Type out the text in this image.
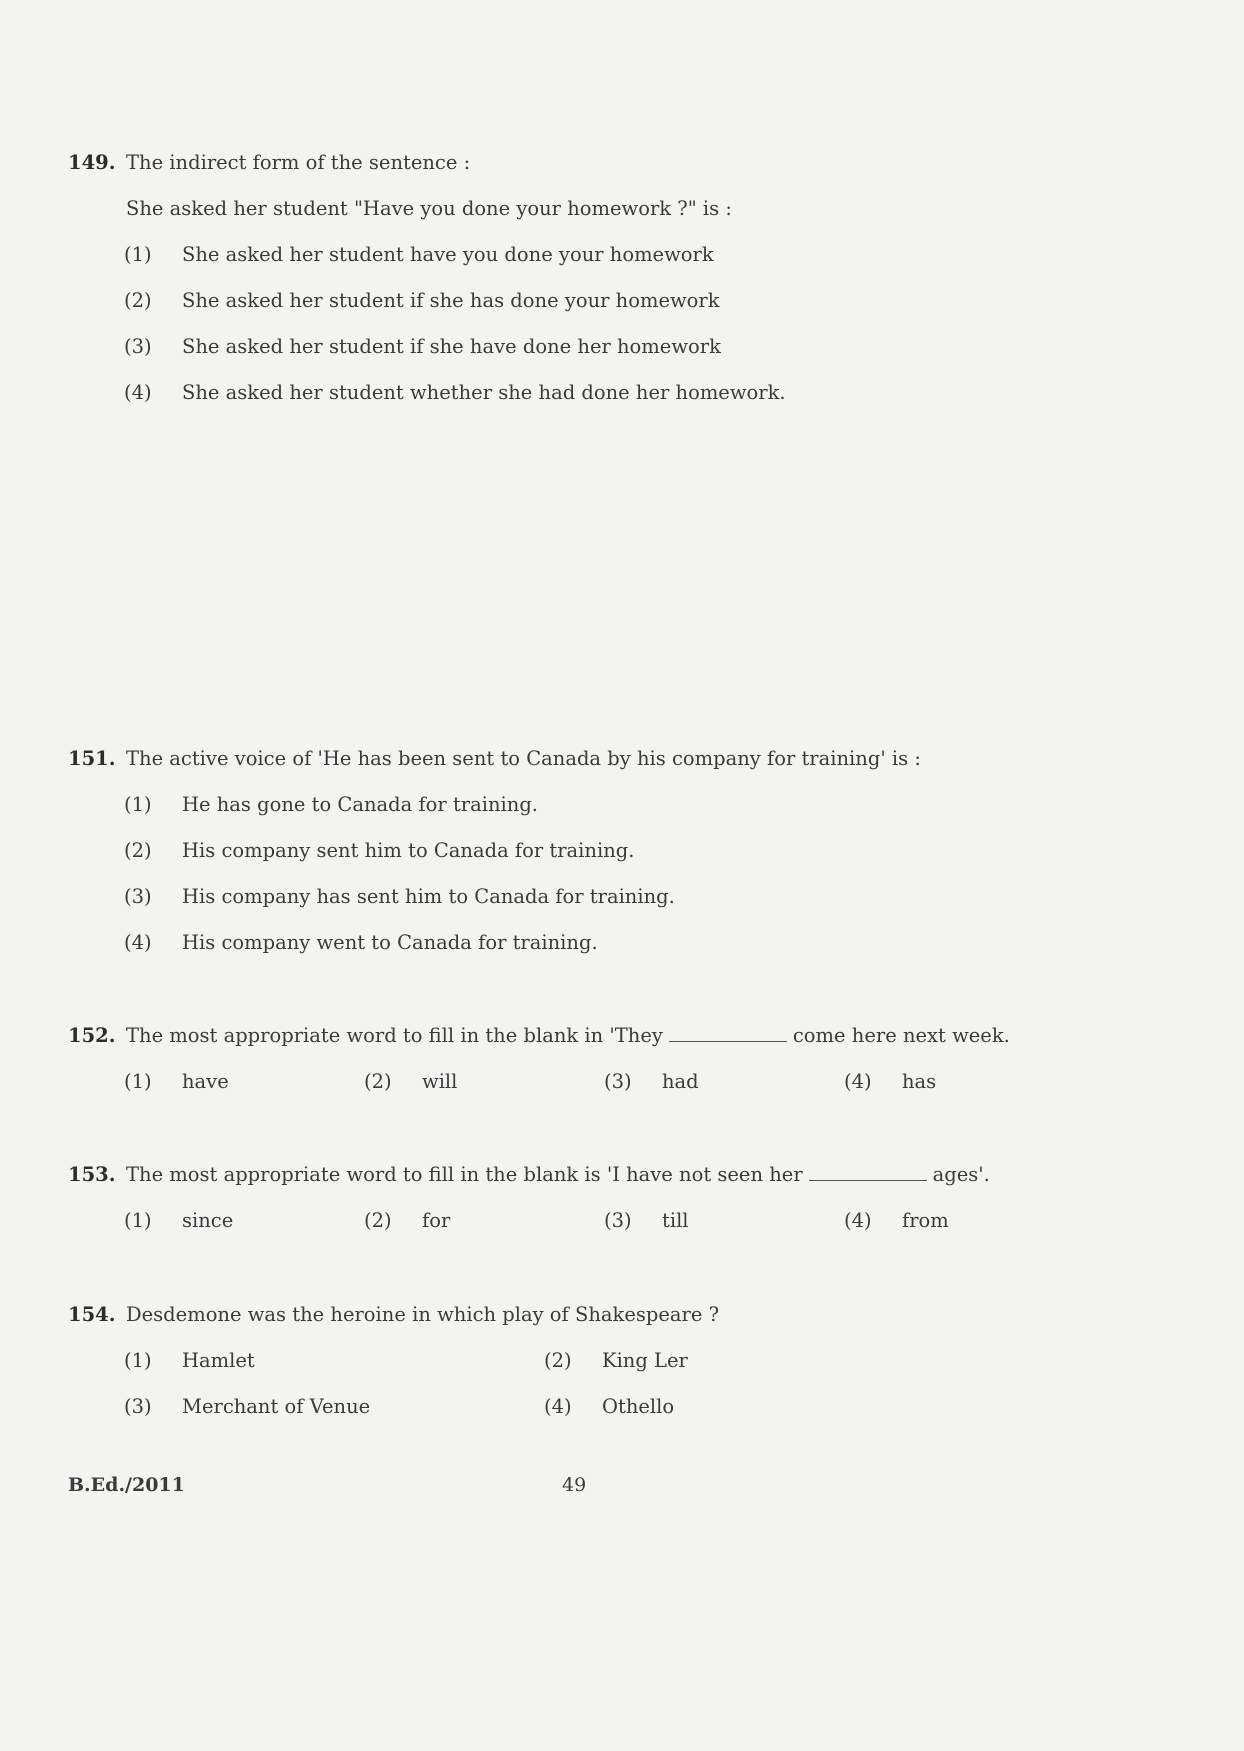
149. The indirect form of the sentence :
She asked her student "Have you done your homework ?" is :
(1) She asked her student have you done your homework
(2) She asked her student if she has done your homework
(3) She asked her student if she have done her homework
(4) She asked her student whether she had done her homework.
151. The active voice of 'He has been sent to Canada by his company for training' is :
(1) He has gone to Canada for training.
(2) His company sent him to Canada for training.
(3) His company has sent him to Canada for training.
(4) His company went to Canada for training.
152. The most appropriate word to fill in the blank in 'They	come here next week.
(1) have	(2) will	(3) had	(4) has
153. The most appropriate word to fill in the blank is 'I have not seen her	ages'.
(1) since	(2) for	(3) till	(4) from
154. Desdemone was the heroine in which play of Shakespeare ?
(1) Hamlet	(2) King Ler
(3) Merchant of Venue	(4) Othello
B.Ed./2011	49
